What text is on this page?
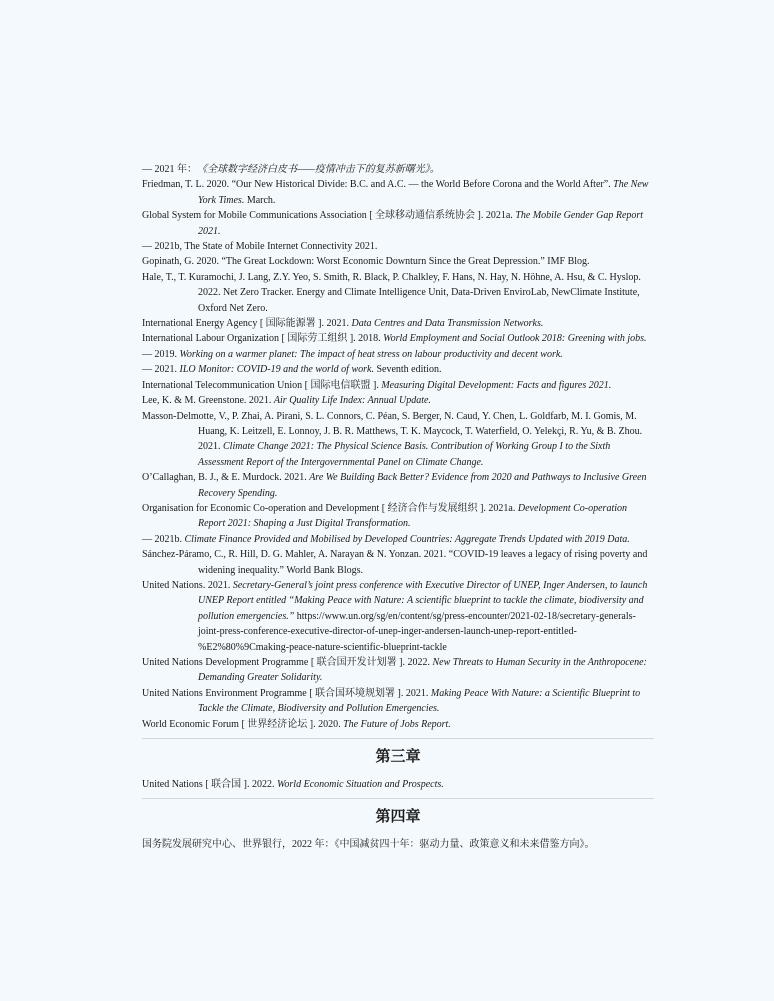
— 2021 年：《全球数字经济白皮书——疫情冲击下的复苏新曙光》。

Friedman, T. L. 2020. “Our New Historical Divide: B.C. and A.C. — the World Before Corona and the World After”. The New York Times. March.

Global System for Mobile Communications Association [ 全球移动通信系统协会 ]. 2021a. The Mobile Gender Gap Report 2021.

— 2021b, The State of Mobile Internet Connectivity 2021.

Gopinath, G. 2020. “The Great Lockdown: Worst Economic Downturn Since the Great Depression.” IMF Blog.

Hale, T., T. Kuramochi, J. Lang, Z.Y. Yeo, S. Smith, R. Black, P. Chalkley, F. Hans, N. Hay, N. Höhne, A. Hsu, & C. Hyslop. 2022. Net Zero Tracker. Energy and Climate Intelligence Unit, Data-Driven EnviroLab, NewClimate Institute, Oxford Net Zero.

International Energy Agency [ 国际能源署 ]. 2021. Data Centres and Data Transmission Networks.

International Labour Organization [ 国际劳工组织 ]. 2018. World Employment and Social Outlook 2018: Greening with jobs.

— 2019. Working on a warmer planet: The impact of heat stress on labour productivity and decent work.

— 2021. ILO Monitor: COVID-19 and the world of work. Seventh edition.

International Telecommunication Union [ 国际电信联盟 ]. Measuring Digital Development: Facts and figures 2021.

Lee, K. & M. Greenstone. 2021. Air Quality Life Index: Annual Update.

Masson-Delmotte, V., P. Zhai, A. Pirani, S. L. Connors, C. Péan, S. Berger, N. Caud, Y. Chen, L. Goldfarb, M. I. Gomis, M. Huang, K. Leitzell, E. Lonnoy, J. B. R. Matthews, T. K. Maycock, T. Waterfield, O. Yelekçi, R. Yu, & B. Zhou. 2021. Climate Change 2021: The Physical Science Basis. Contribution of Working Group I to the Sixth Assessment Report of the Intergovernmental Panel on Climate Change.

O’Callaghan, B. J., & E. Murdock. 2021. Are We Building Back Better? Evidence from 2020 and Pathways to Inclusive Green Recovery Spending.

Organisation for Economic Co-operation and Development [ 经济合作与发展组织 ]. 2021a. Development Co-operation Report 2021: Shaping a Just Digital Transformation.

— 2021b. Climate Finance Provided and Mobilised by Developed Countries: Aggregate Trends Updated with 2019 Data.

Sánchez-Páramo, C., R. Hill, D. G. Mahler, A. Narayan & N. Yonzan. 2021. “COVID-19 leaves a legacy of rising poverty and widening inequality.” World Bank Blogs.

United Nations. 2021. Secretary-General’s joint press conference with Executive Director of UNEP, Inger Andersen, to launch UNEP Report entitled “Making Peace with Nature: A scientific blueprint to tackle the climate, biodiversity and pollution emergencies.” https://www.un.org/sg/en/content/sg/press-encounter/2021-02-18/secretary-generals-joint-press-conference-executive-director-of-unep-inger-andersen-launch-unep-report-entitled-%E2%80%9Cmaking-peace-nature-scientific-blueprint-tackle

United Nations Development Programme [ 联合国开发计划署 ]. 2022. New Threats to Human Security in the Anthropocene: Demanding Greater Solidarity.

United Nations Environment Programme [ 联合国环境规划署 ]. 2021. Making Peace With Nature: a Scientific Blueprint to Tackle the Climate, Biodiversity and Pollution Emergencies.

World Economic Forum [ 世界经济论坛 ]. 2020. The Future of Jobs Report.

第三章

United Nations [ 联合国 ]. 2022. World Economic Situation and Prospects.

第四章

国务院发展研究中心、世界银行，2022 年：《中国减贫四十年：驱动力量、政策意义和未来借鉴方向》。
